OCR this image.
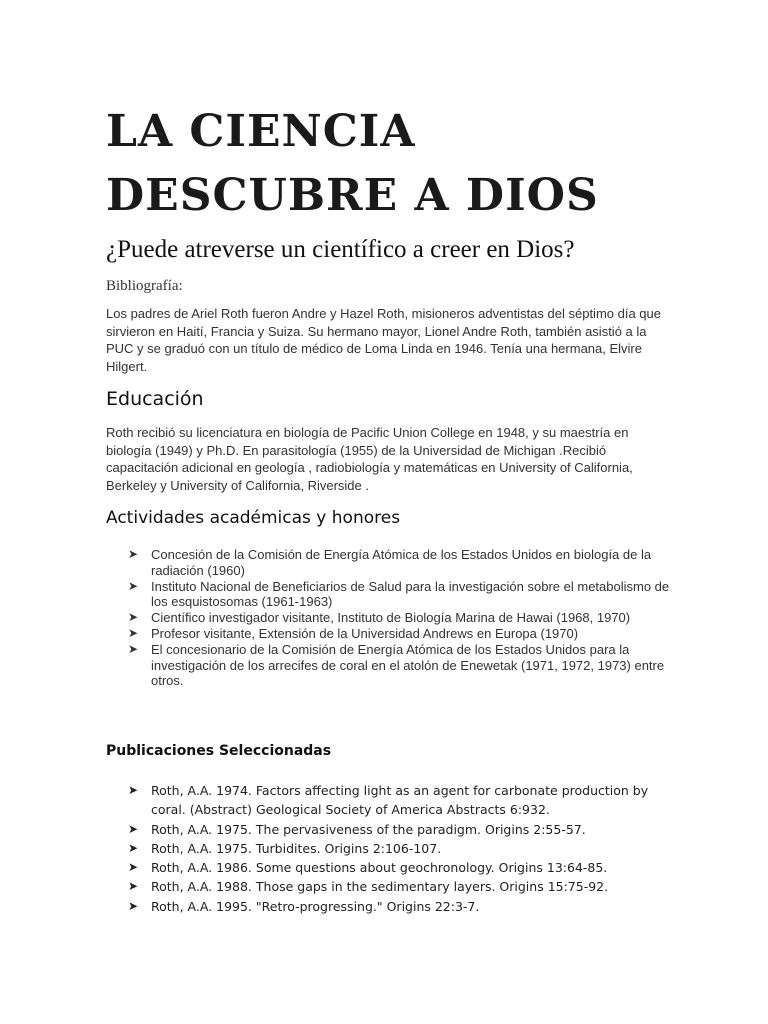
LA CIENCIA DESCUBRE A DIOS
¿Puede atreverse un científico a creer en Dios?

Bibliografía:

Los padres de Ariel Roth fueron Andre y Hazel Roth, misioneros adventistas del séptimo día que sirvieron en Haití, Francia y Suiza. Su hermano mayor, Lionel Andre Roth, también asistió a la PUC y se graduó con un título de médico de Loma Linda en 1946. Tenía una hermana, Elvire Hilgert.

Educación

Roth recibió su licenciatura en biología de Pacific Union College en 1948, y su maestría en biología (1949) y Ph.D. En parasitología (1955) de la Universidad de Michigan .Recibió capacitación adicional en geología , radiobiología y matemáticas en University of California, Berkeley y University of California, Riverside .

Actividades académicas y honores
➤ Concesión de la Comisión de Energía Atómica de los Estados Unidos en biología de la radiación (1960)
➤ Instituto Nacional de Beneficiarios de Salud para la investigación sobre el metabolismo de los esquistosomas (1961-1963)
➤ Científico investigador visitante, Instituto de Biología Marina de Hawai (1968, 1970)
➤ Profesor visitante, Extensión de la Universidad Andrews en Europa (1970)
➤ El concesionario de la Comisión de Energía Atómica de los Estados Unidos para la investigación de los arrecifes de coral en el atolón de Enewetak (1971, 1972, 1973) entre otros.
Publicaciones Seleccionadas
➤ Roth, A.A. 1974. Factors affecting light as an agent for carbonate production by coral. (Abstract) Geological Society of America Abstracts 6:932.
➤ Roth, A.A. 1975. The pervasiveness of the paradigm. Origins 2:55-57.
➤ Roth, A.A. 1975. Turbidites. Origins 2:106-107.
➤ Roth, A.A. 1986. Some questions about geochronology. Origins 13:64-85.
➤ Roth, A.A. 1988. Those gaps in the sedimentary layers. Origins 15:75-92.
➤ Roth, A.A. 1995. "Retro-progressing." Origins 22:3-7.
